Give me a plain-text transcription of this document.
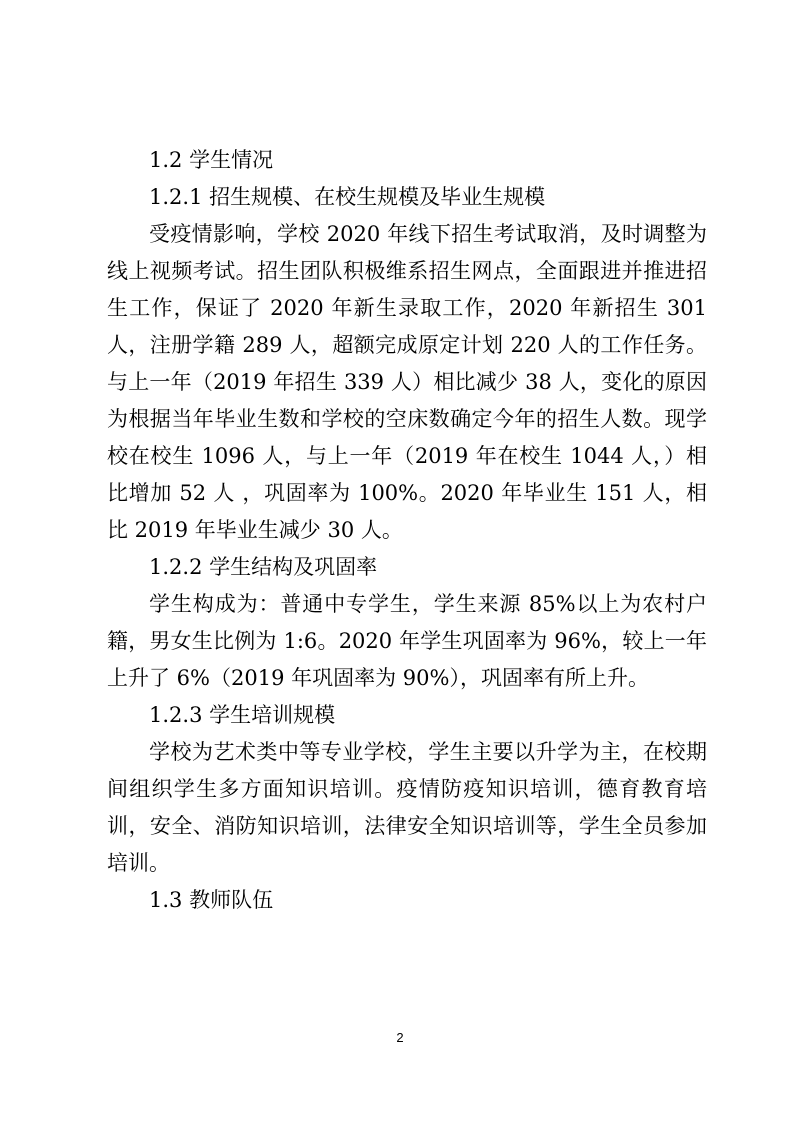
1.2 学生情况

1.2.1 招生规模、在校生规模及毕业生规模

受疫情影响，学校 2020 年线下招生考试取消，及时调整为线上视频考试。招生团队积极维系招生网点，全面跟进并推进招生工作，保证了 2020 年新生录取工作，2020 年新招生 301 人，注册学籍 289 人，超额完成原定计划 220 人的工作任务。与上一年（2019 年招生 339 人）相比减少 38 人，变化的原因为根据当年毕业生数和学校的空床数确定今年的招生人数。现学校在校生 1096 人，与上一年（2019 年在校生 1044 人，）相比增加 52 人 ，巩固率为 100%。2020 年毕业生 151 人，相比 2019 年毕业生减少 30 人。

1.2.2 学生结构及巩固率

学生构成为：普通中专学生，学生来源 85%以上为农村户籍，男女生比例为 1:6。2020 年学生巩固率为 96%，较上一年上升了 6%（2019 年巩固率为 90%），巩固率有所上升。

1.2.3 学生培训规模

学校为艺术类中等专业学校，学生主要以升学为主，在校期间组织学生多方面知识培训。疫情防疫知识培训，德育教育培训，安全、消防知识培训，法律安全知识培训等，学生全员参加培训。

1.3 教师队伍

2
